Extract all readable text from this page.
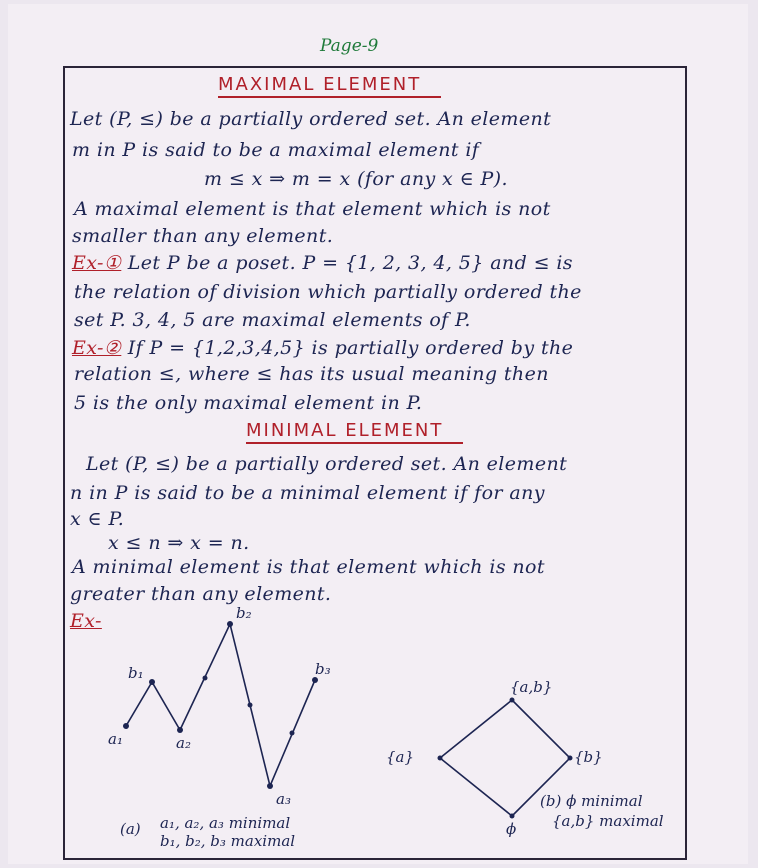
Page-9
MAXIMAL ELEMENT
Let (P, ≤) be a partially ordered set. An element
m in P is said to be a maximal element if
m ≤ x ⇒ m = x (for any x ∈ P).
A maximal element is that element which is not
smaller than any element.
Ex-① Let P be a poset. P = {1, 2, 3, 4, 5} and ≤ is
the relation of division which partially ordered the
set P. 3, 4, 5 are maximal elements of P.
Ex-② If P = {1,2,3,4,5} is partially ordered by the
relation ≤, where ≤ has its usual meaning then
5 is the only maximal element in P.
MINIMAL ELEMENT
Let (P, ≤) be a partially ordered set. An element
n in P is said to be a minimal element if for any
x ∈ P.
x ≤ n ⇒ x = n.
A minimal element is that element which is not
greater than any element.
Ex-
a₁
b₁
a₂
b₂
a₃
b₃
{a,b}
{a}	{b}
ϕ
(a) a₁, a₂, a₃ minimal
b₁, b₂, b₃ maximal
(b) ϕ minimal
{a,b} maximal
